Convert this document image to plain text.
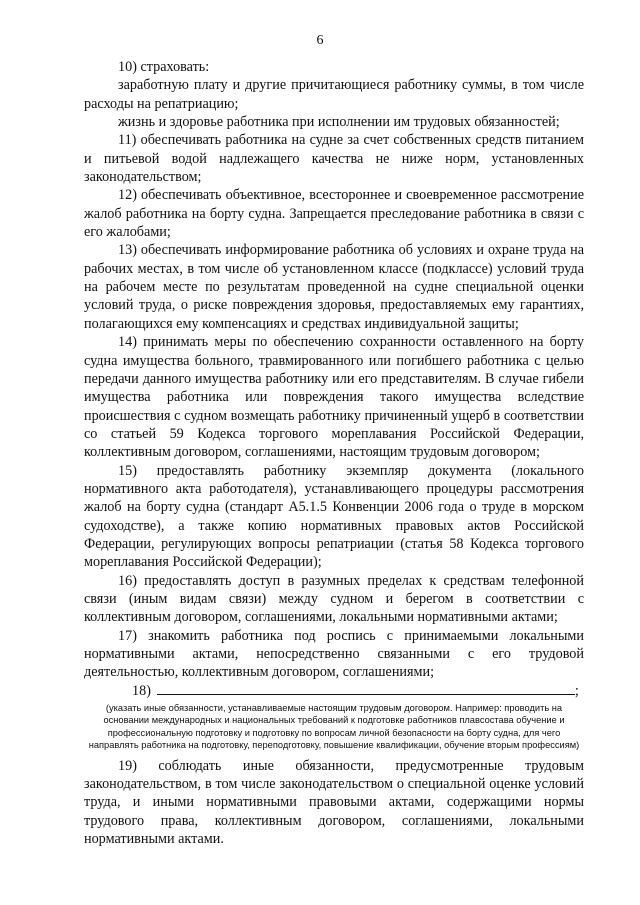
6

10) страховать:

заработную плату и другие причитающиеся работнику суммы, в том числе расходы на репатриацию;

жизнь и здоровье работника при исполнении им трудовых обязанностей;

11) обеспечивать работника на судне за счет собственных средств питанием и питьевой водой надлежащего качества не ниже норм, установленных законодательством;

12) обеспечивать объективное, всестороннее и своевременное рассмотрение жалоб работника на борту судна. Запрещается преследование работника в связи с его жалобами;

13) обеспечивать информирование работника об условиях и охране труда на рабочих местах, в том числе об установленном классе (подклассе) условий труда на рабочем месте по результатам проведенной на судне специальной оценки условий труда, о риске повреждения здоровья, предоставляемых ему гарантиях, полагающихся ему компенсациях и средствах индивидуальной защиты;

14) принимать меры по обеспечению сохранности оставленного на борту судна имущества больного, травмированного или погибшего работника с целью передачи данного имущества работнику или его представителям. В случае гибели имущества работника или повреждения такого имущества вследствие происшествия с судном возмещать работнику причиненный ущерб в соответствии со статьей 59 Кодекса торгового мореплавания Российской Федерации, коллективным договором, соглашениями, настоящим трудовым договором;

15) предоставлять работнику экземпляр документа (локального нормативного акта работодателя), устанавливающего процедуры рассмотрения жалоб на борту судна (стандарт А5.1.5 Конвенции 2006 года о труде в морском судоходстве), а также копию нормативных правовых актов Российской Федерации, регулирующих вопросы репатриации (статья 58 Кодекса торгового мореплавания Российской Федерации);

16) предоставлять доступ в разумных пределах к средствам телефонной связи (иным видам связи) между судном и берегом в соответствии с коллективным договором, соглашениями, локальными нормативными актами;

17) знакомить работника под роспись с принимаемыми локальными нормативными актами, непосредственно связанными с его трудовой деятельностью, коллективным договором, соглашениями;

18)	;

(указать иные обязанности, устанавливаемые настоящим трудовым договором. Например: проводить на основании международных и национальных требований к подготовке работников плавсостава обучение и профессиональную подготовку и подготовку по вопросам личной безопасности на борту судна, для чего направлять работника на подготовку, переподготовку, повышение квалификации, обучение вторым профессиям)

19) соблюдать иные обязанности, предусмотренные трудовым законодательством, в том числе законодательством о специальной оценке условий труда, и иными нормативными правовыми актами, содержащими нормы трудового права, коллективным договором, соглашениями, локальными нормативными актами.
